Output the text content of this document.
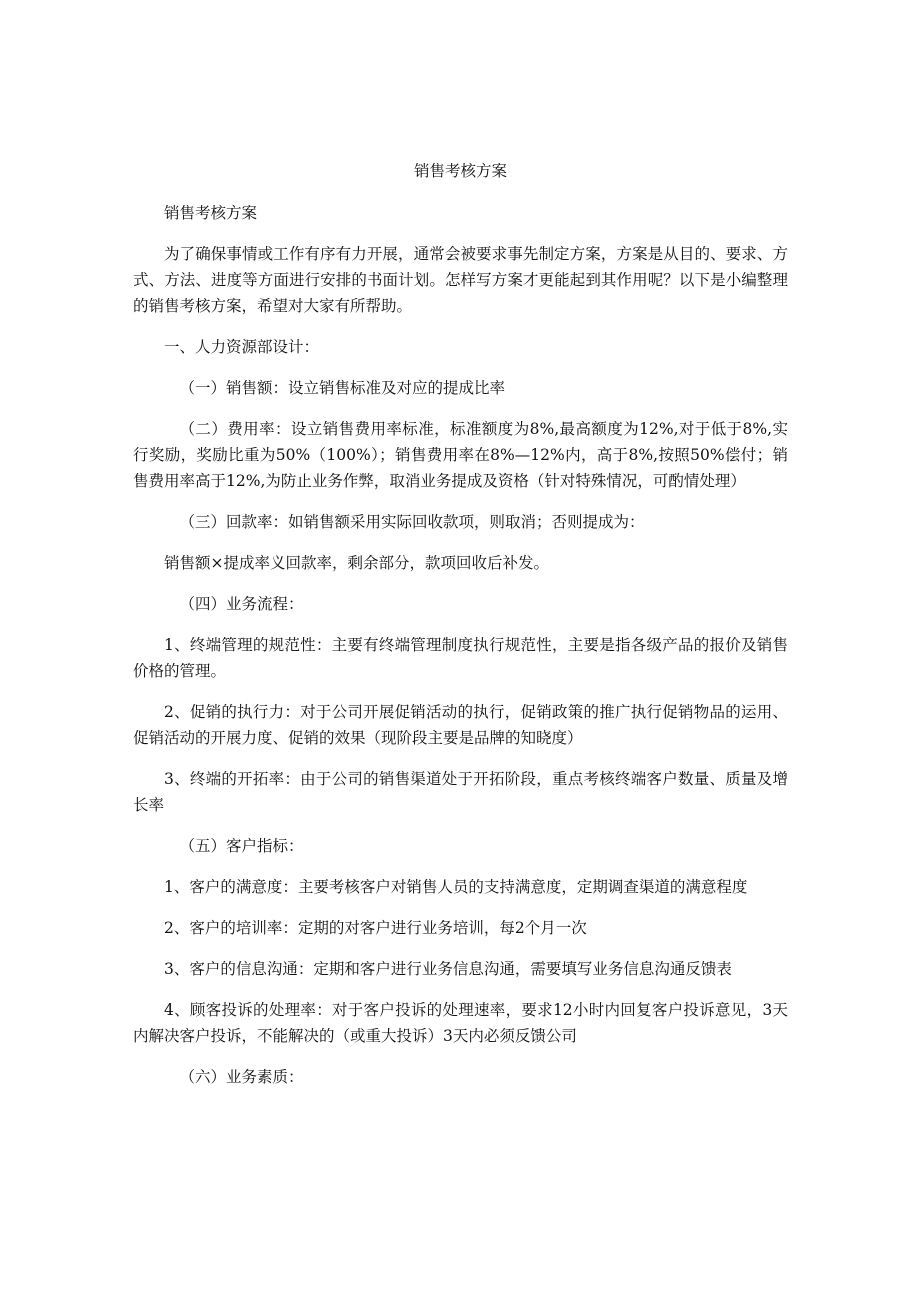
销售考核方案

销售考核方案

为了确保事情或工作有序有力开展，通常会被要求事先制定方案，方案是从目的、要求、方式、方法、进度等方面进行安排的书面计划。怎样写方案才更能起到其作用呢？以下是小编整理的销售考核方案，希望对大家有所帮助。

一、人力资源部设计：

（一）销售额：设立销售标准及对应的提成比率

（二）费用率：设立销售费用率标准，标准额度为8%,最高额度为12%,对于低于8%,实行奖励，奖励比重为50%（100%）；销售费用率在8%—12%内，高于8%,按照50%偿付；销售费用率高于12%,为防止业务作弊，取消业务提成及资格（针对特殊情况，可酌情处理）

（三）回款率：如销售额采用实际回收款项，则取消；否则提成为：

销售额×提成率义回款率，剩余部分，款项回收后补发。

（四）业务流程：

1、终端管理的规范性：主要有终端管理制度执行规范性，主要是指各级产品的报价及销售价格的管理。

2、促销的执行力：对于公司开展促销活动的执行，促销政策的推广执行促销物品的运用、促销活动的开展力度、促销的效果（现阶段主要是品牌的知晓度）

3、终端的开拓率：由于公司的销售渠道处于开拓阶段，重点考核终端客户数量、质量及增长率

（五）客户指标：

1、客户的满意度：主要考核客户对销售人员的支持满意度，定期调查渠道的满意程度

2、客户的培训率：定期的对客户进行业务培训，每2个月一次

3、客户的信息沟通：定期和客户进行业务信息沟通，需要填写业务信息沟通反馈表

4、顾客投诉的处理率：对于客户投诉的处理速率，要求12小时内回复客户投诉意见，3天内解决客户投诉，不能解决的（或重大投诉）3天内必须反馈公司

（六）业务素质：
